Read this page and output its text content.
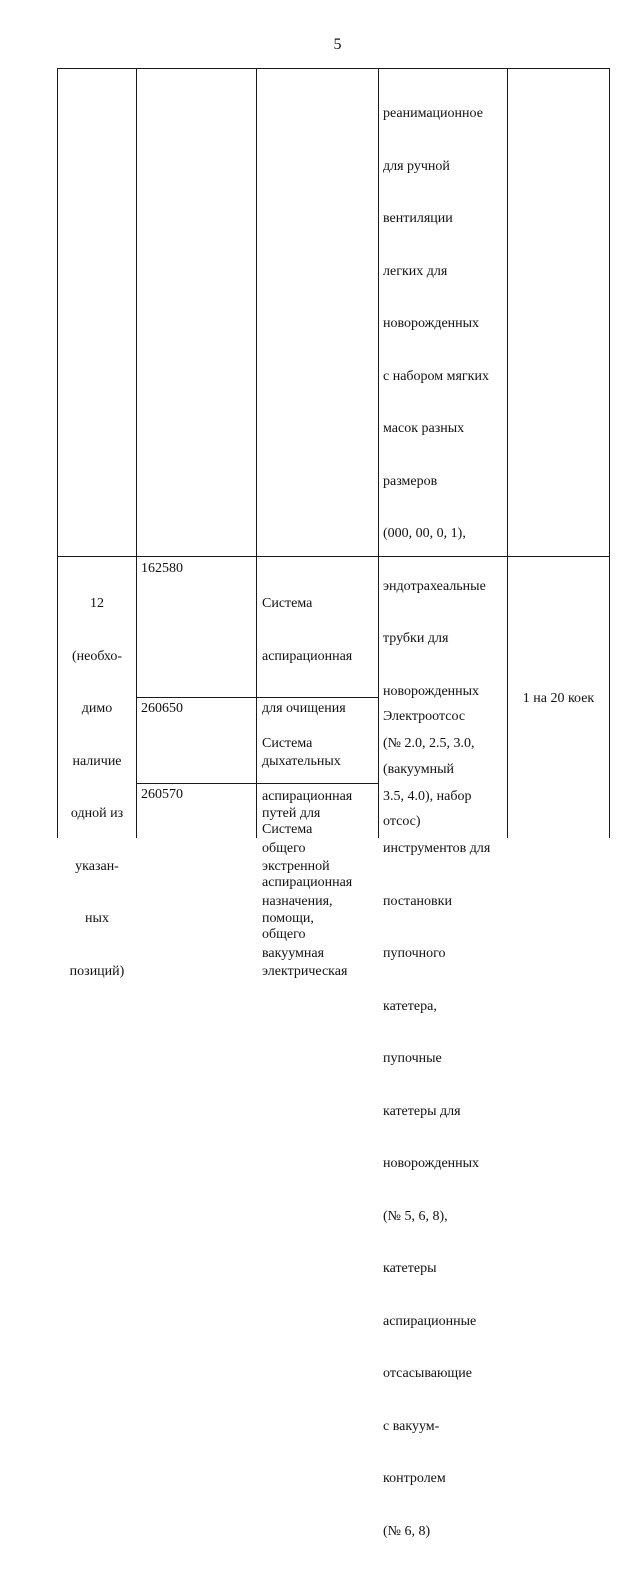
5

реанимационное

для ручной

вентиляции

легких для

новорожденных

с набором мягких

масок разных

размеров

(000, 00, 0, 1),

эндотрахеальные

трубки для

новорожденных

(№ 2.0, 2.5, 3.0,

3.5, 4.0), набор

инструментов для

постановки

пупочного

катетера,

пупочные

катетеры для

новорожденных

(№ 5, 6, 8),

катетеры

аспирационные

отсасывающие

с вакуум-

контролем

(№ 6, 8)

12

(необхо-

димо

наличие

одной из

указан-

ных

позиций)

162580
260650
260570

Система

аспирационная

для очищения

дыхательных

путей для

экстренной

помощи,

электрическая

Система

аспирационная

общего

назначения,

вакуумная

Система

аспирационная

общего

Электроотсос

(вакуумный

отсос)

1 на 20 коек
